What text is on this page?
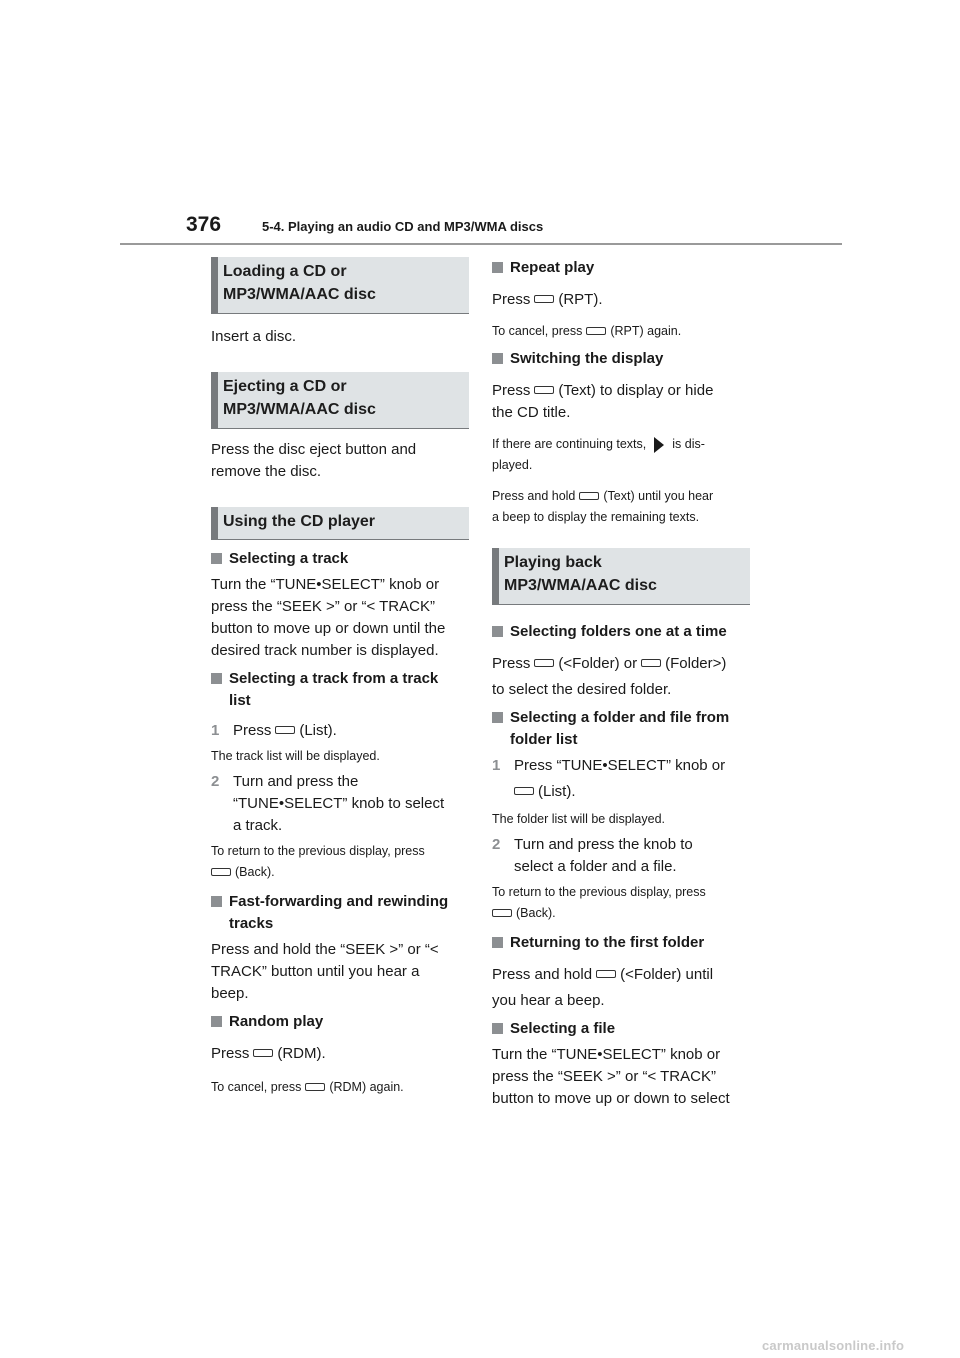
376	5-4. Playing an audio CD and MP3/WMA discs
Loading a CD or
MP3/WMA/AAC disc

Insert a disc.

Ejecting a CD or
MP3/WMA/AAC disc

Press the disc eject button and

remove the disc.

Using the CD player

Selecting a track

Turn the “TUNE•SELECT” knob or

press the “SEEK >” or “< TRACK”

button to move up or down until the

desired track number is displayed.

Selecting a track from a track

list

1 Press (List).

The track list will be displayed.

2 Turn and press the

“TUNE•SELECT” knob to select

a track.

To return to the previous display, press

(Back).

Fast-forwarding and rewinding

tracks

Press and hold the “SEEK >” or “<

TRACK” button until you hear a

beep.

Random play

Press (RDM).

To cancel, press (RDM) again.

Repeat play

Press (RPT).

To cancel, press (RPT) again.

Switching the display

Press (Text) to display or hide

the CD title.

If there are continuing texts, is dis-

played.

Press and hold (Text) until you hear

a beep to display the remaining texts.

Playing back
MP3/WMA/AAC disc

Selecting folders one at a time

Press (<Folder) or (Folder>)

to select the desired folder.

Selecting a folder and file from

folder list

1 Press “TUNE•SELECT” knob or

(List).

The folder list will be displayed.

2 Turn and press the knob to

select a folder and a file.

To return to the previous display, press

(Back).

Returning to the first folder

Press and hold (<Folder) until

you hear a beep.

Selecting a file

Turn the “TUNE•SELECT” knob or

press the “SEEK >” or “< TRACK”

button to move up or down to select

carmanualsonline.info
